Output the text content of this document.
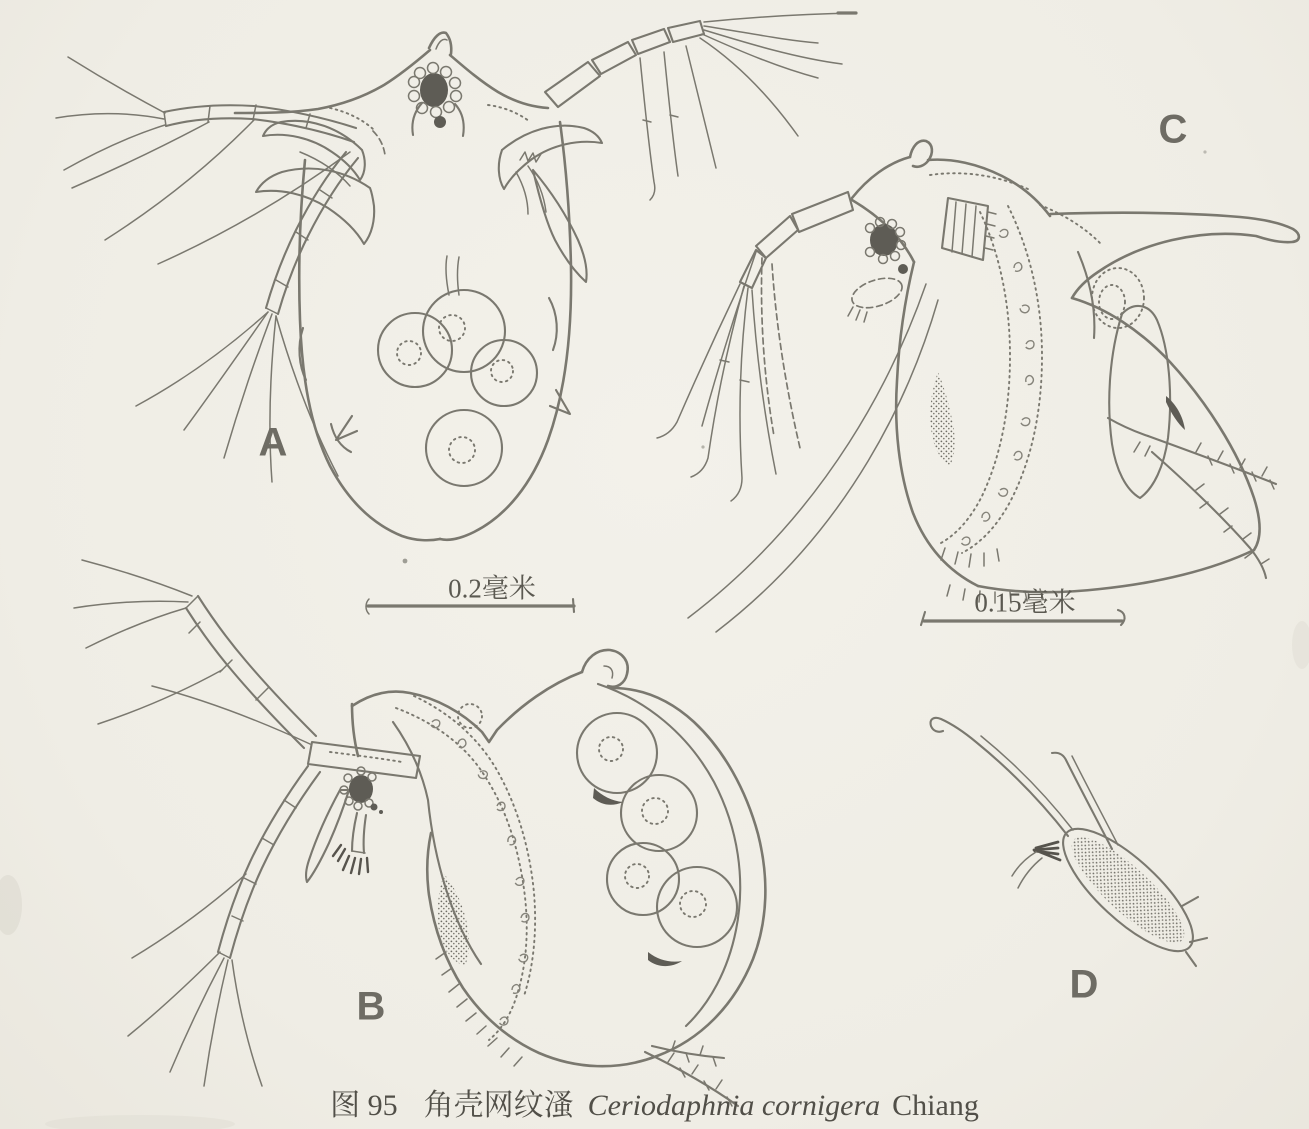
A
B
C
D
0.2毫米	0.15毫米
图 95 角壳网纹溞 Ceriodaphnia cornigera Chiang
